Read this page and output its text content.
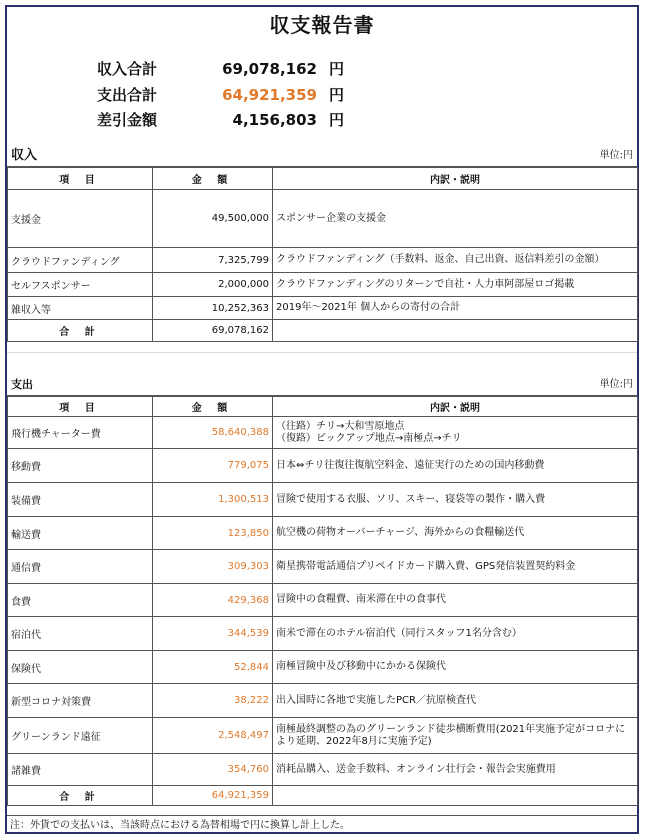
収支報告書
収入合計	69,078,162 円
支出合計	64,921,359 円
差引金額	4,156,803 円
収入	単位:円
項 目	金 額	内訳・説明
支援金	49,500,000	スポンサー企業の支援金
クラウドファンディング	7,325,799	クラウドファンディング（手数料、返金、自己出資、返信料差引の金額）
セルフスポンサー	2,000,000	クラウドファンディングのリターンで自社・人力車阿部屋ロゴ掲載
雑収入等	10,252,363	2019年～2021年 個人からの寄付の合計
合 計	69,078,162	
支出	単位:円
項 目	金 額	内訳・説明
飛行機チャーター費	58,640,388	（往路）チリ→大和雪原地点
（復路）ピックアップ地点→南極点→チリ
移動費	779,075	日本⇔チリ往復往復航空料金、遠征実行のための国内移動費
装備費	1,300,513	冒険で使用する衣服、ソリ、スキー、寝袋等の製作・購入費
輸送費	123,850	航空機の荷物オーバーチャージ、海外からの食糧輸送代
通信費	309,303	衛星携帯電話通信プリペイドカード購入費、GPS発信装置契約料金
食費	429,368	冒険中の食糧費、南米滞在中の食事代
宿泊代	344,539	南米で滞在のホテル宿泊代（同行スタッフ1名分含む）
保険代	52,844	南極冒険中及び移動中にかかる保険代
新型コロナ対策費	38,222	出入国時に各地で実施したPCR／抗原検査代
グリーンランド遠征	2,548,497	南極最終調整の為のグリーンランド徒歩横断費用(2021年実施予定がコロナにより延期、2022年8月に実施予定)
諸雑費	354,760	消耗品購入、送金手数料、オンライン壮行会・報告会実施費用
合 計	64,921,359	
注：外貨での支払いは、当該時点における為替相場で円に換算し計上した。
